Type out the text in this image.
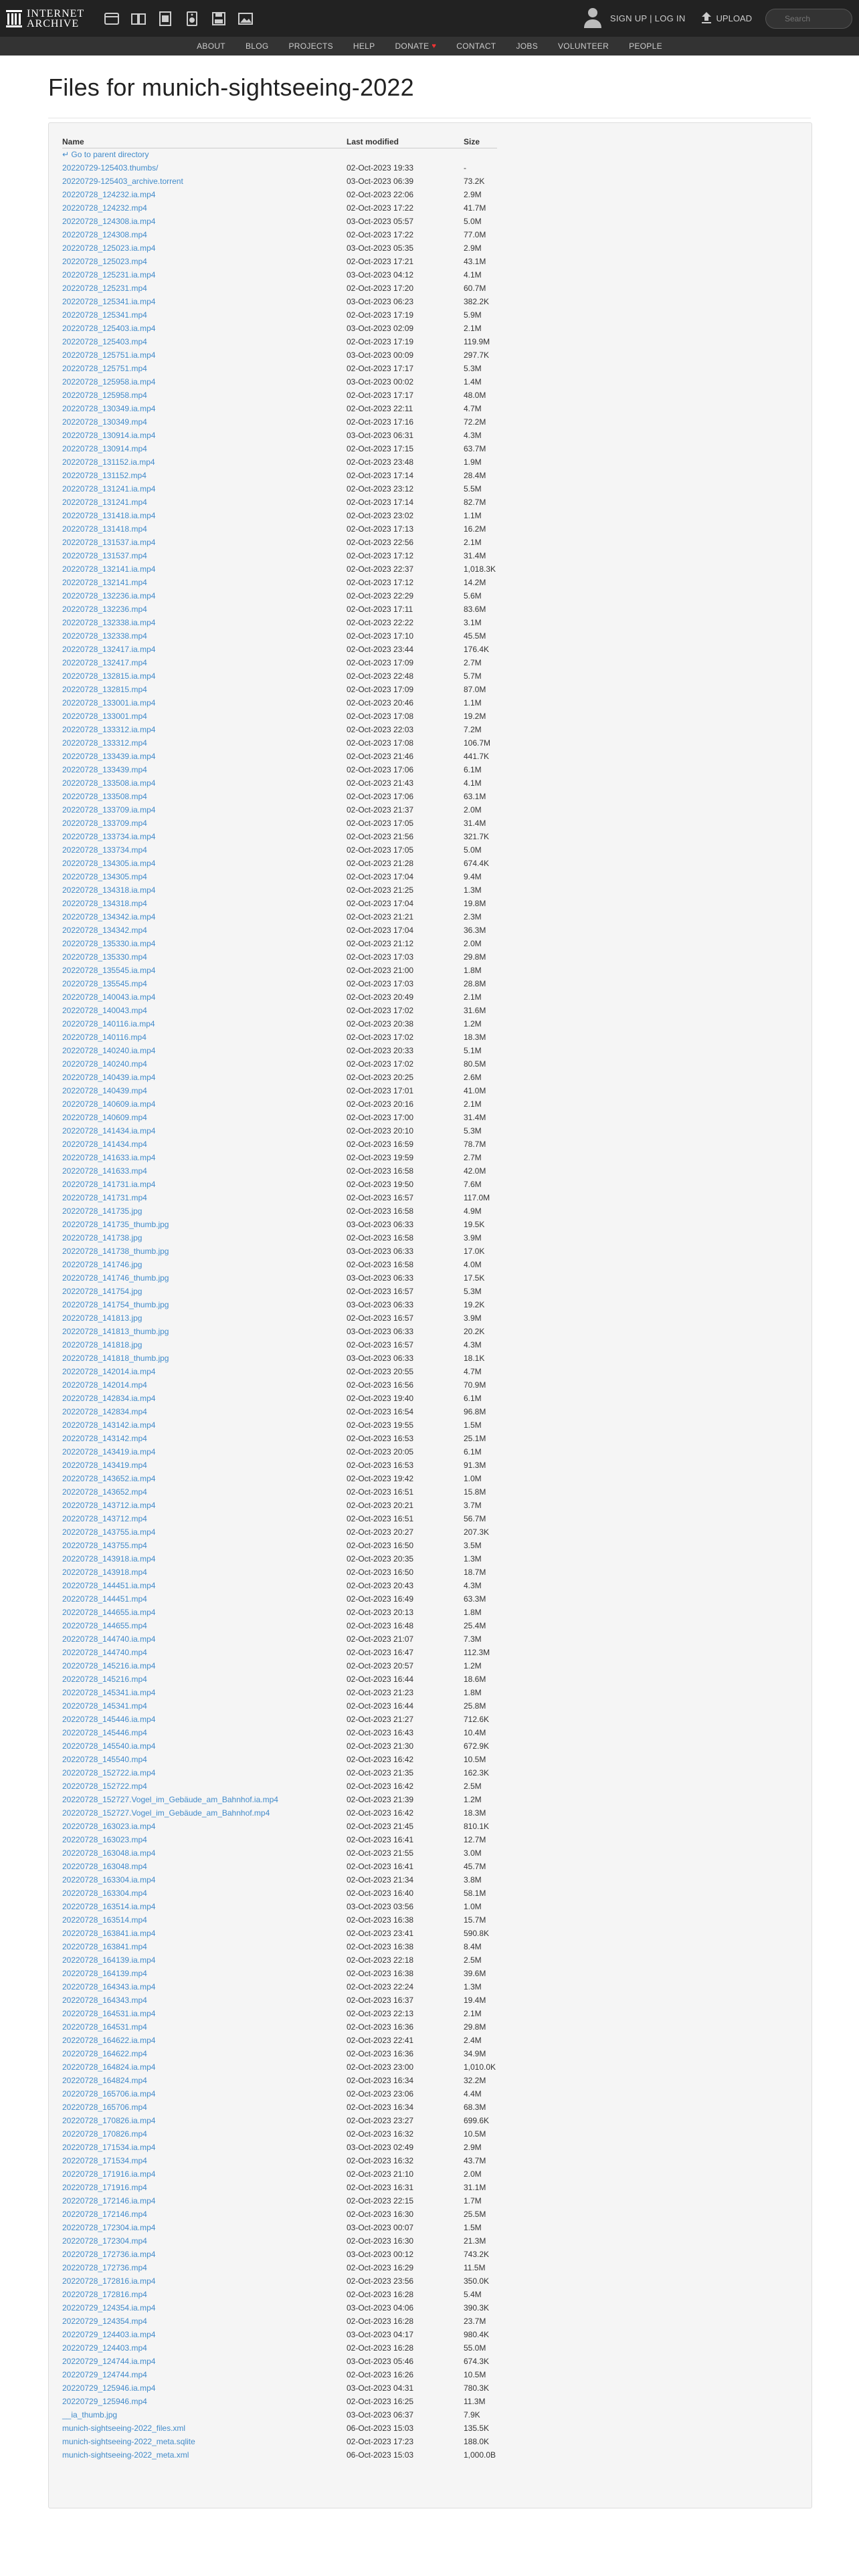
INTERNET
ARCHIVE	SIGN UP | LOG IN	UPLOAD
Search
ABOUT	BLOG	PROJECTS	HELP	DONATE ♥	CONTACT	JOBS	VOLUNTEER	PEOPLE
Files for munich-sightseeing-2022
Name	Last modified	Size
↵ Go to parent directory		
20220729-125403.thumbs/	02-Oct-2023 19:33	-
20220729-125403_archive.torrent	03-Oct-2023 06:39	73.2K
20220728_124232.ia.mp4	02-Oct-2023 22:06	2.9M
20220728_124232.mp4	02-Oct-2023 17:22	41.7M
20220728_124308.ia.mp4	03-Oct-2023 05:57	5.0M
20220728_124308.mp4	02-Oct-2023 17:22	77.0M
20220728_125023.ia.mp4	03-Oct-2023 05:35	2.9M
20220728_125023.mp4	02-Oct-2023 17:21	43.1M
20220728_125231.ia.mp4	03-Oct-2023 04:12	4.1M
20220728_125231.mp4	02-Oct-2023 17:20	60.7M
20220728_125341.ia.mp4	03-Oct-2023 06:23	382.2K
20220728_125341.mp4	02-Oct-2023 17:19	5.9M
20220728_125403.ia.mp4	03-Oct-2023 02:09	2.1M
20220728_125403.mp4	02-Oct-2023 17:19	119.9M
20220728_125751.ia.mp4	03-Oct-2023 00:09	297.7K
20220728_125751.mp4	02-Oct-2023 17:17	5.3M
20220728_125958.ia.mp4	03-Oct-2023 00:02	1.4M
20220728_125958.mp4	02-Oct-2023 17:17	48.0M
20220728_130349.ia.mp4	02-Oct-2023 22:11	4.7M
20220728_130349.mp4	02-Oct-2023 17:16	72.2M
20220728_130914.ia.mp4	03-Oct-2023 06:31	4.3M
20220728_130914.mp4	02-Oct-2023 17:15	63.7M
20220728_131152.ia.mp4	02-Oct-2023 23:48	1.9M
20220728_131152.mp4	02-Oct-2023 17:14	28.4M
20220728_131241.ia.mp4	02-Oct-2023 23:12	5.5M
20220728_131241.mp4	02-Oct-2023 17:14	82.7M
20220728_131418.ia.mp4	02-Oct-2023 23:02	1.1M
20220728_131418.mp4	02-Oct-2023 17:13	16.2M
20220728_131537.ia.mp4	02-Oct-2023 22:56	2.1M
20220728_131537.mp4	02-Oct-2023 17:12	31.4M
20220728_132141.ia.mp4	02-Oct-2023 22:37	1,018.3K
20220728_132141.mp4	02-Oct-2023 17:12	14.2M
20220728_132236.ia.mp4	02-Oct-2023 22:29	5.6M
20220728_132236.mp4	02-Oct-2023 17:11	83.6M
20220728_132338.ia.mp4	02-Oct-2023 22:22	3.1M
20220728_132338.mp4	02-Oct-2023 17:10	45.5M
20220728_132417.ia.mp4	02-Oct-2023 23:44	176.4K
20220728_132417.mp4	02-Oct-2023 17:09	2.7M
20220728_132815.ia.mp4	02-Oct-2023 22:48	5.7M
20220728_132815.mp4	02-Oct-2023 17:09	87.0M
20220728_133001.ia.mp4	02-Oct-2023 20:46	1.1M
20220728_133001.mp4	02-Oct-2023 17:08	19.2M
20220728_133312.ia.mp4	02-Oct-2023 22:03	7.2M
20220728_133312.mp4	02-Oct-2023 17:08	106.7M
20220728_133439.ia.mp4	02-Oct-2023 21:46	441.7K
20220728_133439.mp4	02-Oct-2023 17:06	6.1M
20220728_133508.ia.mp4	02-Oct-2023 21:43	4.1M
20220728_133508.mp4	02-Oct-2023 17:06	63.1M
20220728_133709.ia.mp4	02-Oct-2023 21:37	2.0M
20220728_133709.mp4	02-Oct-2023 17:05	31.4M
20220728_133734.ia.mp4	02-Oct-2023 21:56	321.7K
20220728_133734.mp4	02-Oct-2023 17:05	5.0M
20220728_134305.ia.mp4	02-Oct-2023 21:28	674.4K
20220728_134305.mp4	02-Oct-2023 17:04	9.4M
20220728_134318.ia.mp4	02-Oct-2023 21:25	1.3M
20220728_134318.mp4	02-Oct-2023 17:04	19.8M
20220728_134342.ia.mp4	02-Oct-2023 21:21	2.3M
20220728_134342.mp4	02-Oct-2023 17:04	36.3M
20220728_135330.ia.mp4	02-Oct-2023 21:12	2.0M
20220728_135330.mp4	02-Oct-2023 17:03	29.8M
20220728_135545.ia.mp4	02-Oct-2023 21:00	1.8M
20220728_135545.mp4	02-Oct-2023 17:03	28.8M
20220728_140043.ia.mp4	02-Oct-2023 20:49	2.1M
20220728_140043.mp4	02-Oct-2023 17:02	31.6M
20220728_140116.ia.mp4	02-Oct-2023 20:38	1.2M
20220728_140116.mp4	02-Oct-2023 17:02	18.3M
20220728_140240.ia.mp4	02-Oct-2023 20:33	5.1M
20220728_140240.mp4	02-Oct-2023 17:02	80.5M
20220728_140439.ia.mp4	02-Oct-2023 20:25	2.6M
20220728_140439.mp4	02-Oct-2023 17:01	41.0M
20220728_140609.ia.mp4	02-Oct-2023 20:16	2.1M
20220728_140609.mp4	02-Oct-2023 17:00	31.4M
20220728_141434.ia.mp4	02-Oct-2023 20:10	5.3M
20220728_141434.mp4	02-Oct-2023 16:59	78.7M
20220728_141633.ia.mp4	02-Oct-2023 19:59	2.7M
20220728_141633.mp4	02-Oct-2023 16:58	42.0M
20220728_141731.ia.mp4	02-Oct-2023 19:50	7.6M
20220728_141731.mp4	02-Oct-2023 16:57	117.0M
20220728_141735.jpg	02-Oct-2023 16:58	4.9M
20220728_141735_thumb.jpg	03-Oct-2023 06:33	19.5K
20220728_141738.jpg	02-Oct-2023 16:58	3.9M
20220728_141738_thumb.jpg	03-Oct-2023 06:33	17.0K
20220728_141746.jpg	02-Oct-2023 16:58	4.0M
20220728_141746_thumb.jpg	03-Oct-2023 06:33	17.5K
20220728_141754.jpg	02-Oct-2023 16:57	5.3M
20220728_141754_thumb.jpg	03-Oct-2023 06:33	19.2K
20220728_141813.jpg	02-Oct-2023 16:57	3.9M
20220728_141813_thumb.jpg	03-Oct-2023 06:33	20.2K
20220728_141818.jpg	02-Oct-2023 16:57	4.3M
20220728_141818_thumb.jpg	03-Oct-2023 06:33	18.1K
20220728_142014.ia.mp4	02-Oct-2023 20:55	4.7M
20220728_142014.mp4	02-Oct-2023 16:56	70.9M
20220728_142834.ia.mp4	02-Oct-2023 19:40	6.1M
20220728_142834.mp4	02-Oct-2023 16:54	96.8M
20220728_143142.ia.mp4	02-Oct-2023 19:55	1.5M
20220728_143142.mp4	02-Oct-2023 16:53	25.1M
20220728_143419.ia.mp4	02-Oct-2023 20:05	6.1M
20220728_143419.mp4	02-Oct-2023 16:53	91.3M
20220728_143652.ia.mp4	02-Oct-2023 19:42	1.0M
20220728_143652.mp4	02-Oct-2023 16:51	15.8M
20220728_143712.ia.mp4	02-Oct-2023 20:21	3.7M
20220728_143712.mp4	02-Oct-2023 16:51	56.7M
20220728_143755.ia.mp4	02-Oct-2023 20:27	207.3K
20220728_143755.mp4	02-Oct-2023 16:50	3.5M
20220728_143918.ia.mp4	02-Oct-2023 20:35	1.3M
20220728_143918.mp4	02-Oct-2023 16:50	18.7M
20220728_144451.ia.mp4	02-Oct-2023 20:43	4.3M
20220728_144451.mp4	02-Oct-2023 16:49	63.3M
20220728_144655.ia.mp4	02-Oct-2023 20:13	1.8M
20220728_144655.mp4	02-Oct-2023 16:48	25.4M
20220728_144740.ia.mp4	02-Oct-2023 21:07	7.3M
20220728_144740.mp4	02-Oct-2023 16:47	112.3M
20220728_145216.ia.mp4	02-Oct-2023 20:57	1.2M
20220728_145216.mp4	02-Oct-2023 16:44	18.6M
20220728_145341.ia.mp4	02-Oct-2023 21:23	1.8M
20220728_145341.mp4	02-Oct-2023 16:44	25.8M
20220728_145446.ia.mp4	02-Oct-2023 21:27	712.6K
20220728_145446.mp4	02-Oct-2023 16:43	10.4M
20220728_145540.ia.mp4	02-Oct-2023 21:30	672.9K
20220728_145540.mp4	02-Oct-2023 16:42	10.5M
20220728_152722.ia.mp4	02-Oct-2023 21:35	162.3K
20220728_152722.mp4	02-Oct-2023 16:42	2.5M
20220728_152727.Vogel_im_Gebäude_am_Bahnhof.ia.mp4	02-Oct-2023 21:39	1.2M
20220728_152727.Vogel_im_Gebäude_am_Bahnhof.mp4	02-Oct-2023 16:42	18.3M
20220728_163023.ia.mp4	02-Oct-2023 21:45	810.1K
20220728_163023.mp4	02-Oct-2023 16:41	12.7M
20220728_163048.ia.mp4	02-Oct-2023 21:55	3.0M
20220728_163048.mp4	02-Oct-2023 16:41	45.7M
20220728_163304.ia.mp4	02-Oct-2023 21:34	3.8M
20220728_163304.mp4	02-Oct-2023 16:40	58.1M
20220728_163514.ia.mp4	03-Oct-2023 03:56	1.0M
20220728_163514.mp4	02-Oct-2023 16:38	15.7M
20220728_163841.ia.mp4	02-Oct-2023 23:41	590.8K
20220728_163841.mp4	02-Oct-2023 16:38	8.4M
20220728_164139.ia.mp4	02-Oct-2023 22:18	2.5M
20220728_164139.mp4	02-Oct-2023 16:38	39.6M
20220728_164343.ia.mp4	02-Oct-2023 22:24	1.3M
20220728_164343.mp4	02-Oct-2023 16:37	19.4M
20220728_164531.ia.mp4	02-Oct-2023 22:13	2.1M
20220728_164531.mp4	02-Oct-2023 16:36	29.8M
20220728_164622.ia.mp4	02-Oct-2023 22:41	2.4M
20220728_164622.mp4	02-Oct-2023 16:36	34.9M
20220728_164824.ia.mp4	02-Oct-2023 23:00	1,010.0K
20220728_164824.mp4	02-Oct-2023 16:34	32.2M
20220728_165706.ia.mp4	02-Oct-2023 23:06	4.4M
20220728_165706.mp4	02-Oct-2023 16:34	68.3M
20220728_170826.ia.mp4	02-Oct-2023 23:27	699.6K
20220728_170826.mp4	02-Oct-2023 16:32	10.5M
20220728_171534.ia.mp4	03-Oct-2023 02:49	2.9M
20220728_171534.mp4	02-Oct-2023 16:32	43.7M
20220728_171916.ia.mp4	02-Oct-2023 21:10	2.0M
20220728_171916.mp4	02-Oct-2023 16:31	31.1M
20220728_172146.ia.mp4	02-Oct-2023 22:15	1.7M
20220728_172146.mp4	02-Oct-2023 16:30	25.5M
20220728_172304.ia.mp4	03-Oct-2023 00:07	1.5M
20220728_172304.mp4	02-Oct-2023 16:30	21.3M
20220728_172736.ia.mp4	03-Oct-2023 00:12	743.2K
20220728_172736.mp4	02-Oct-2023 16:29	11.5M
20220728_172816.ia.mp4	02-Oct-2023 23:56	350.0K
20220728_172816.mp4	02-Oct-2023 16:28	5.4M
20220729_124354.ia.mp4	03-Oct-2023 04:06	390.3K
20220729_124354.mp4	02-Oct-2023 16:28	23.7M
20220729_124403.ia.mp4	03-Oct-2023 04:17	980.4K
20220729_124403.mp4	02-Oct-2023 16:28	55.0M
20220729_124744.ia.mp4	03-Oct-2023 05:46	674.3K
20220729_124744.mp4	02-Oct-2023 16:26	10.5M
20220729_125946.ia.mp4	03-Oct-2023 04:31	780.3K
20220729_125946.mp4	02-Oct-2023 16:25	11.3M
__ia_thumb.jpg	03-Oct-2023 06:37	7.9K
munich-sightseeing-2022_files.xml	06-Oct-2023 15:03	135.5K
munich-sightseeing-2022_meta.sqlite	02-Oct-2023 17:23	188.0K
munich-sightseeing-2022_meta.xml	06-Oct-2023 15:03	1,000.0B
